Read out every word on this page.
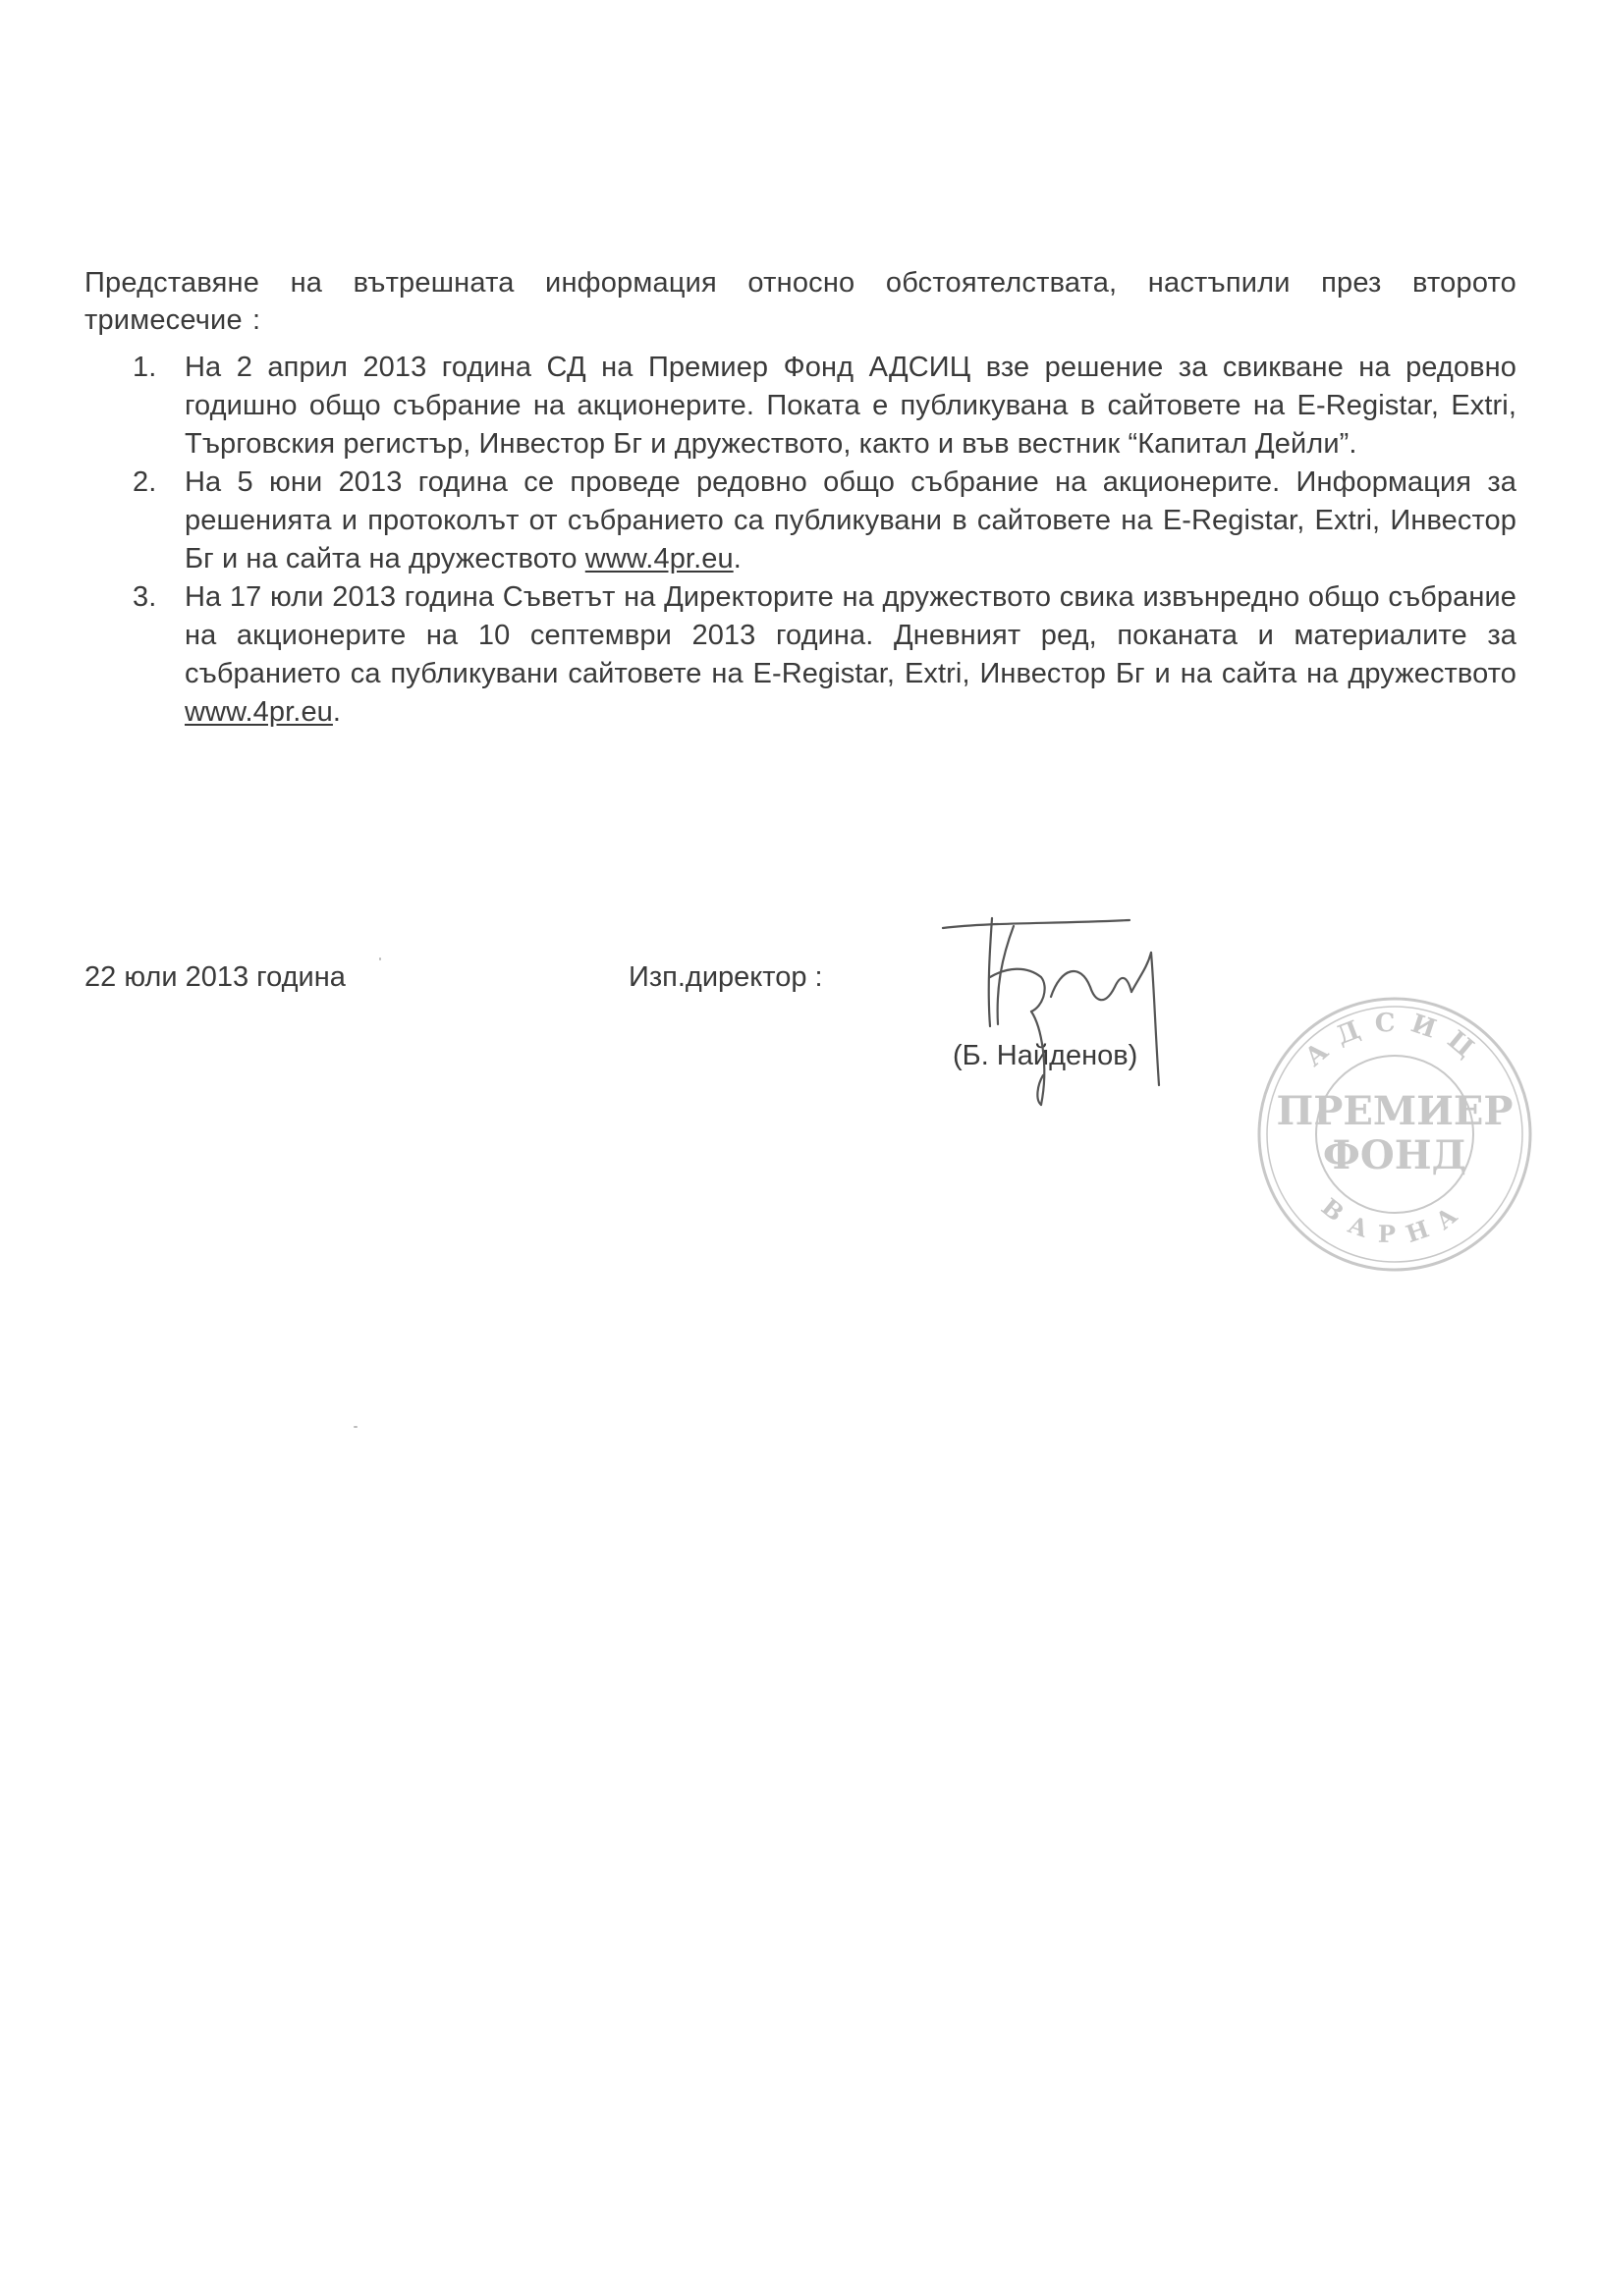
Представяне на вътрешната информация относно обстоятелствата, настъпили през второто тримесечие :

1. На 2 април 2013 година СД на Премиер Фонд АДСИЦ взе решение за свикване на редовно годишно общо събрание на акционерите. Поката е публикувана в сайтовете на E-Registar, Extri, Търговския регистър, Инвестор Бг и дружеството, както и във вестник “Капитал Дейли”.
2. На 5 юни 2013 година се проведе редовно общо събрание на акционерите. Информация за решенията и протоколът от събранието са публикувани в сайтовете на E-Registar, Extri, Инвестор Бг и на сайта на дружеството www.4pr.eu.
3. На 17 юли 2013 година Съветът на Директорите на дружеството свика извънредно общо събрание на акционерите на 10 септември 2013 година. Дневният ред, поканата и материалите за събранието са публикувани сайтовете на E-Registar, Extri, Инвестор Бг и на сайта на дружеството www.4pr.eu.
22 юли 2013 година	Изп.директор :
(Б. Найденов)	АДСИЦ
ВАРНА
ПРЕМИЕР
ФОНД
